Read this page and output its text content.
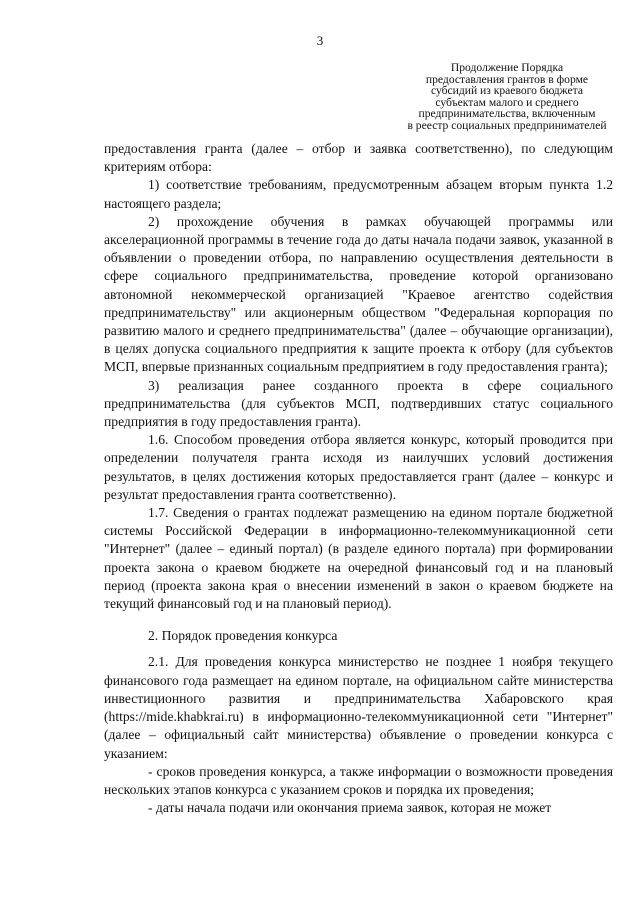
3
Продолжение Порядка
предоставления грантов в форме
субсидий из краевого бюджета
субъектам малого и среднего
предпринимательства, включенным
в реестр социальных предпринимателей

предоставления гранта (далее – отбор и заявка соответственно), по следующим критериям отбора:

1) соответствие требованиям, предусмотренным абзацем вторым пункта 1.2 настоящего раздела;

2) прохождение обучения в рамках обучающей программы или акселерационной программы в течение года до даты начала подачи заявок, указанной в объявлении о проведении отбора, по направлению осуществления деятельности в сфере социального предпринимательства, проведение которой организовано автономной некоммерческой организацией "Краевое агентство содействия предпринимательству" или акционерным обществом "Федеральная корпорация по развитию малого и среднего предпринимательства" (далее – обучающие организации), в целях допуска социального предприятия к защите проекта к отбору (для субъектов МСП, впервые признанных социальным предприятием в году предоставления гранта);

3) реализация ранее созданного проекта в сфере социального предпринимательства (для субъектов МСП, подтвердивших статус социального предприятия в году предоставления гранта).

1.6. Способом проведения отбора является конкурс, который проводится при определении получателя гранта исходя из наилучших условий достижения результатов, в целях достижения которых предоставляется грант (далее – конкурс и результат предоставления гранта соответственно).

1.7. Сведения о грантах подлежат размещению на едином портале бюджетной системы Российской Федерации в информационно-телекоммуникационной сети "Интернет" (далее – единый портал) (в разделе единого портала) при формировании проекта закона о краевом бюджете на очередной финансовый год и на плановый период (проекта закона края о внесении изменений в закон о краевом бюджете на текущий финансовый год и на плановый период).

2. Порядок проведения конкурса

2.1. Для проведения конкурса министерство не позднее 1 ноября текущего финансового года размещает на едином портале, на официальном сайте министерства инвестиционного развития и предпринимательства Хабаровского края (https://mide.khabkrai.ru) в информационно-телекоммуникационной сети "Интернет" (далее – официальный сайт министерства) объявление о проведении конкурса с указанием:

- сроков проведения конкурса, а также информации о возможности проведения нескольких этапов конкурса с указанием сроков и порядка их проведения;

- даты начала подачи или окончания приема заявок, которая не может
